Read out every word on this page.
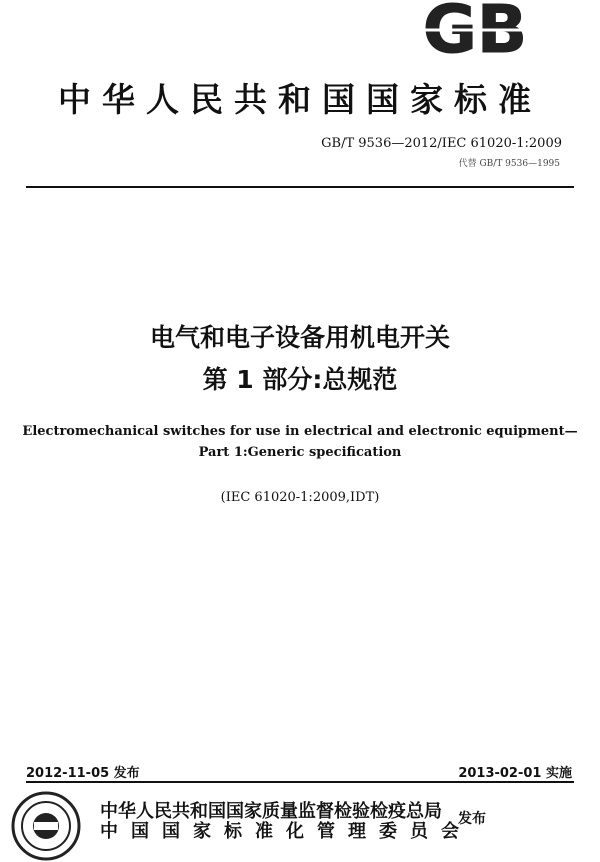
GB
中华人民共和国国家标准
GB/T 9536—2012/IEC 61020-1:2009
代替 GB/T 9536—1995
电气和电子设备用机电开关
第 1 部分:总规范
Electromechanical switches for use in electrical and electronic equipment—
Part 1:Generic specification
(IEC 61020-1:2009,IDT)
2012-11-05 发布	2013-02-01 实施
中华人民共和国国家质量监督检验检疫总局
中国国家标准化管理委员会
发布
